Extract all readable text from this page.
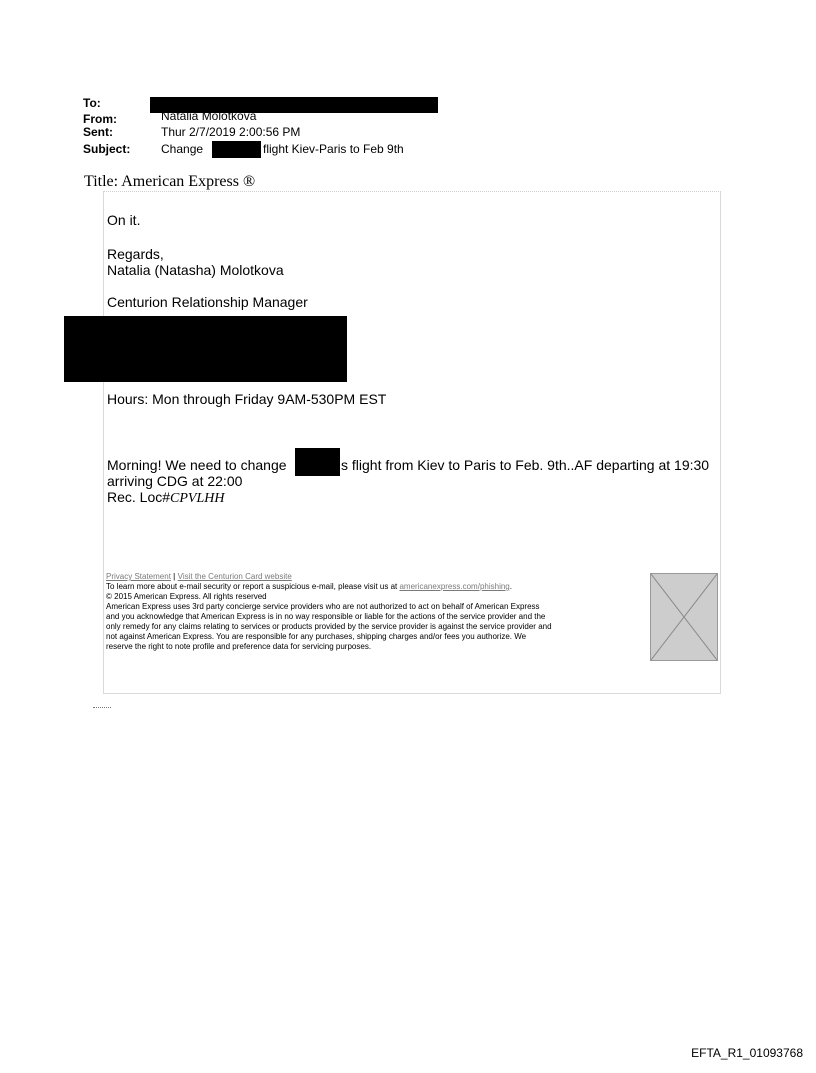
To:
From:	Natalia Molotkova
Sent:	Thur 2/7/2019 2:00:56 PM
Subject:	Change	flight Kiev-Paris to Feb 9th
Title: American Express ®
On it.
Regards,
Natalia (Natasha) Molotkova
Centurion Relationship Manager
Hours: Mon through Friday 9AM-530PM EST
Morning! We need to change	s flight from Kiev to Paris to Feb. 9th..AF departing at 19:30
arriving CDG at 22:00
Rec. Loc#CPVLHH
Privacy Statement | Visit the Centurion Card website
To learn more about e-mail security or report a suspicious e-mail, please visit us at americanexpress.com/phishing.
© 2015 American Express. All rights reserved
American Express uses 3rd party concierge service providers who are not authorized to act on behalf of American Express
and you acknowledge that American Express is in no way responsible or liable for the actions of the service provider and the
only remedy for any claims relating to services or products provided by the service provider is against the service provider and
not against American Express. You are responsible for any purchases, shipping charges and/or fees you authorize. We
reserve the right to note profile and preference data for servicing purposes.
EFTA_R1_01093768
